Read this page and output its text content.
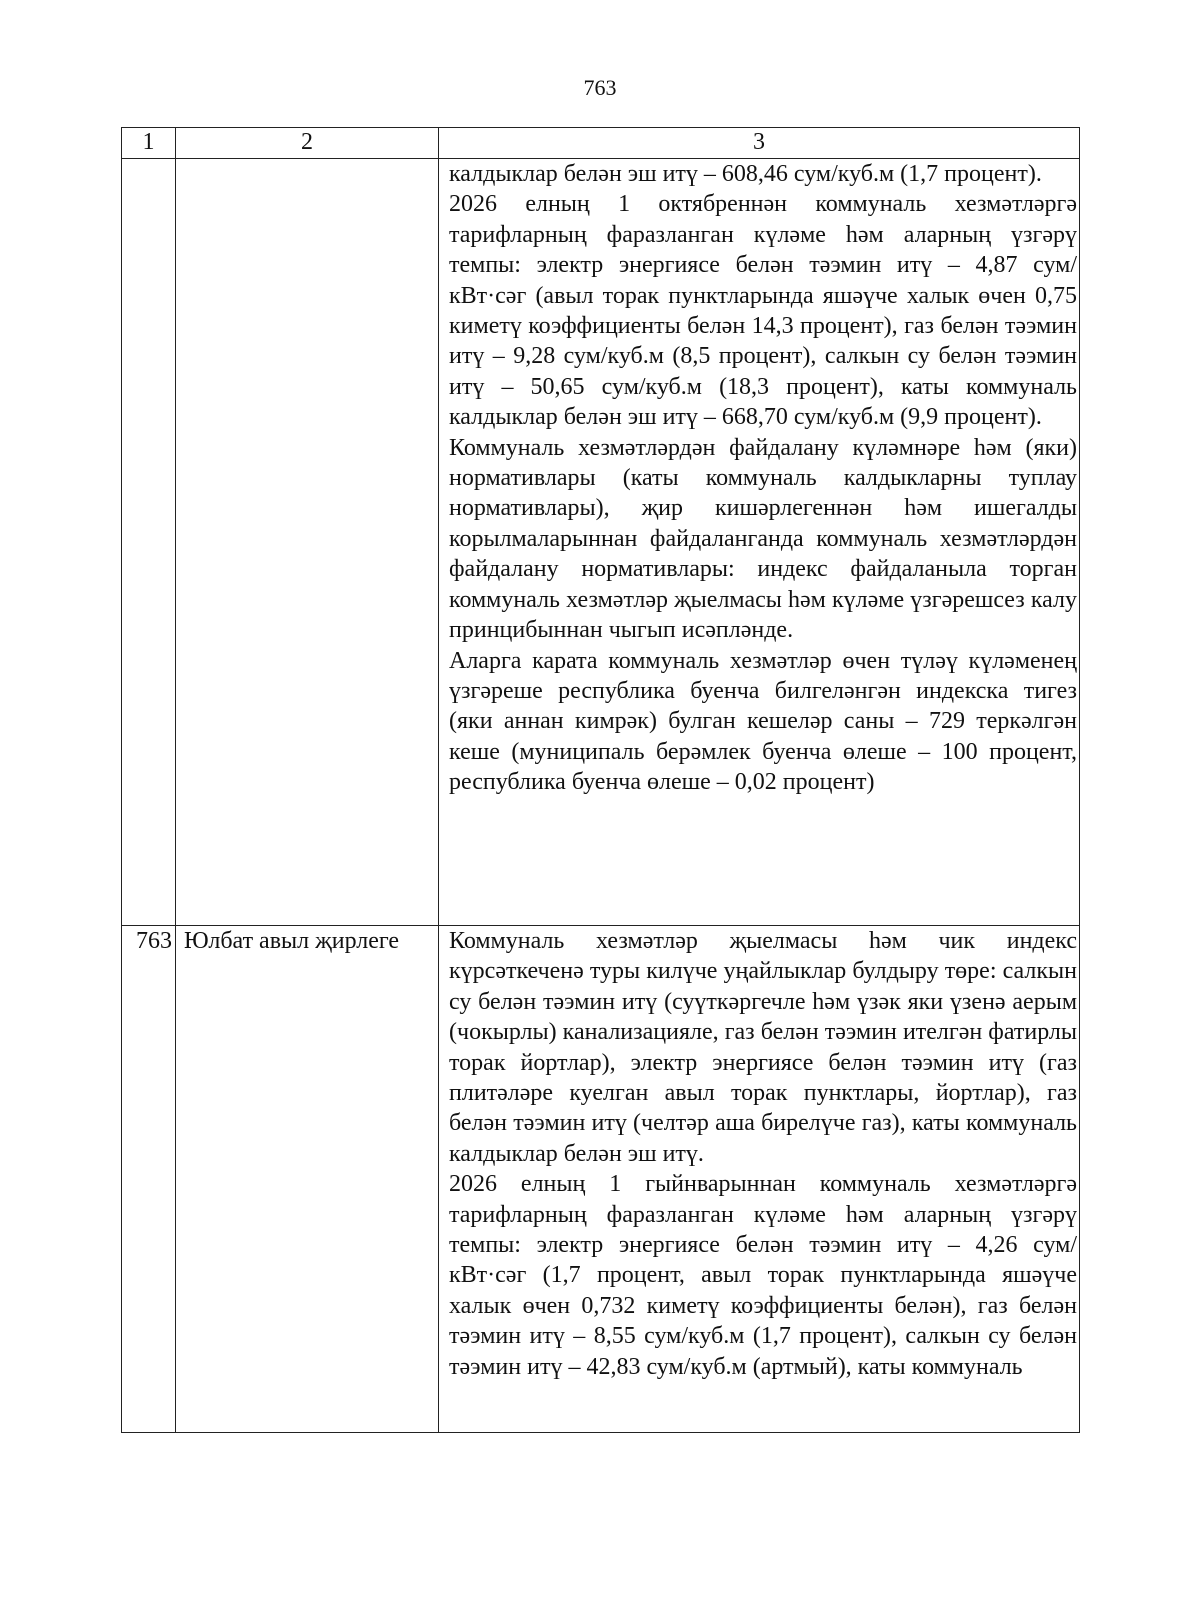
763
1	2	3

		калдыклар белән эш итү – 608,46 сум/куб.м (1,7 процент).

2026 елның 1 октябреннән коммуналь хезмәтләргә тарифларның фаразланган күләме һәм аларның үзгәрү темпы: электр энергиясе белән тәэмин итү – 4,87 сум/кВт·сәг (авыл торак пунктларында яшәүче халык өчен 0,75 киметү коэффициенты белән 14,3 процент), газ белән тәэмин итү – 9,28 сум/куб.м (8,5 процент), салкын су белән тәэмин итү – 50,65 сум/куб.м (18,3 процент), каты коммуналь калдыклар белән эш итү – 668,70 сум/куб.м (9,9 процент).

Коммуналь хезмәтләрдән файдалану күләмнәре һәм (яки) нормативлары (каты коммуналь калдыкларны туплау нормативлары), җир кишәрлегеннән һәм ишегалды корылмаларыннан файдаланганда коммуналь хезмәтләрдән файдалану нормативлары: индекс файдаланыла торган коммуналь хезмәтләр җыелмасы һәм күләме үзгәрешсез калу принцибыннан чыгып исәпләнде.

Аларга карата коммуналь хезмәтләр өчен түләү күләменең үзгәреше республика буенча билгеләнгән индекска тигез (яки аннан кимрәк) булган кешеләр саны – 729 теркәлгән кеше (муниципаль берәмлек буенча өлеше – 100 процент, республика буенча өлеше – 0,02 процент)

763	Юлбат авыл җирлеге	Коммуналь хезмәтләр җыелмасы һәм чик индекс күрсәткеченә туры килүче уңайлыклар булдыру төре: салкын су белән тәэмин итү (суүткәргечле һәм үзәк яки үзенә аерым (чокырлы) канализацияле, газ белән тәэмин ителгән фатирлы торак йортлар), электр энергиясе белән тәэмин итү (газ плитәләре куелган авыл торак пунктлары, йортлар), газ белән тәэмин итү (челтәр аша бирелүче газ), каты коммуналь калдыклар белән эш итү.

2026 елның 1 гыйнварыннан коммуналь хезмәтләргә тарифларның фаразланган күләме һәм аларның үзгәрү темпы: электр энергиясе белән тәэмин итү – 4,26 сум/кВт·сәг (1,7 процент, авыл торак пунктларында яшәүче халык өчен 0,732 киметү коэффициенты белән), газ белән тәэмин итү – 8,55 сум/куб.м (1,7 процент), салкын су белән тәэмин итү – 42,83 сум/куб.м (артмый), каты коммуналь
